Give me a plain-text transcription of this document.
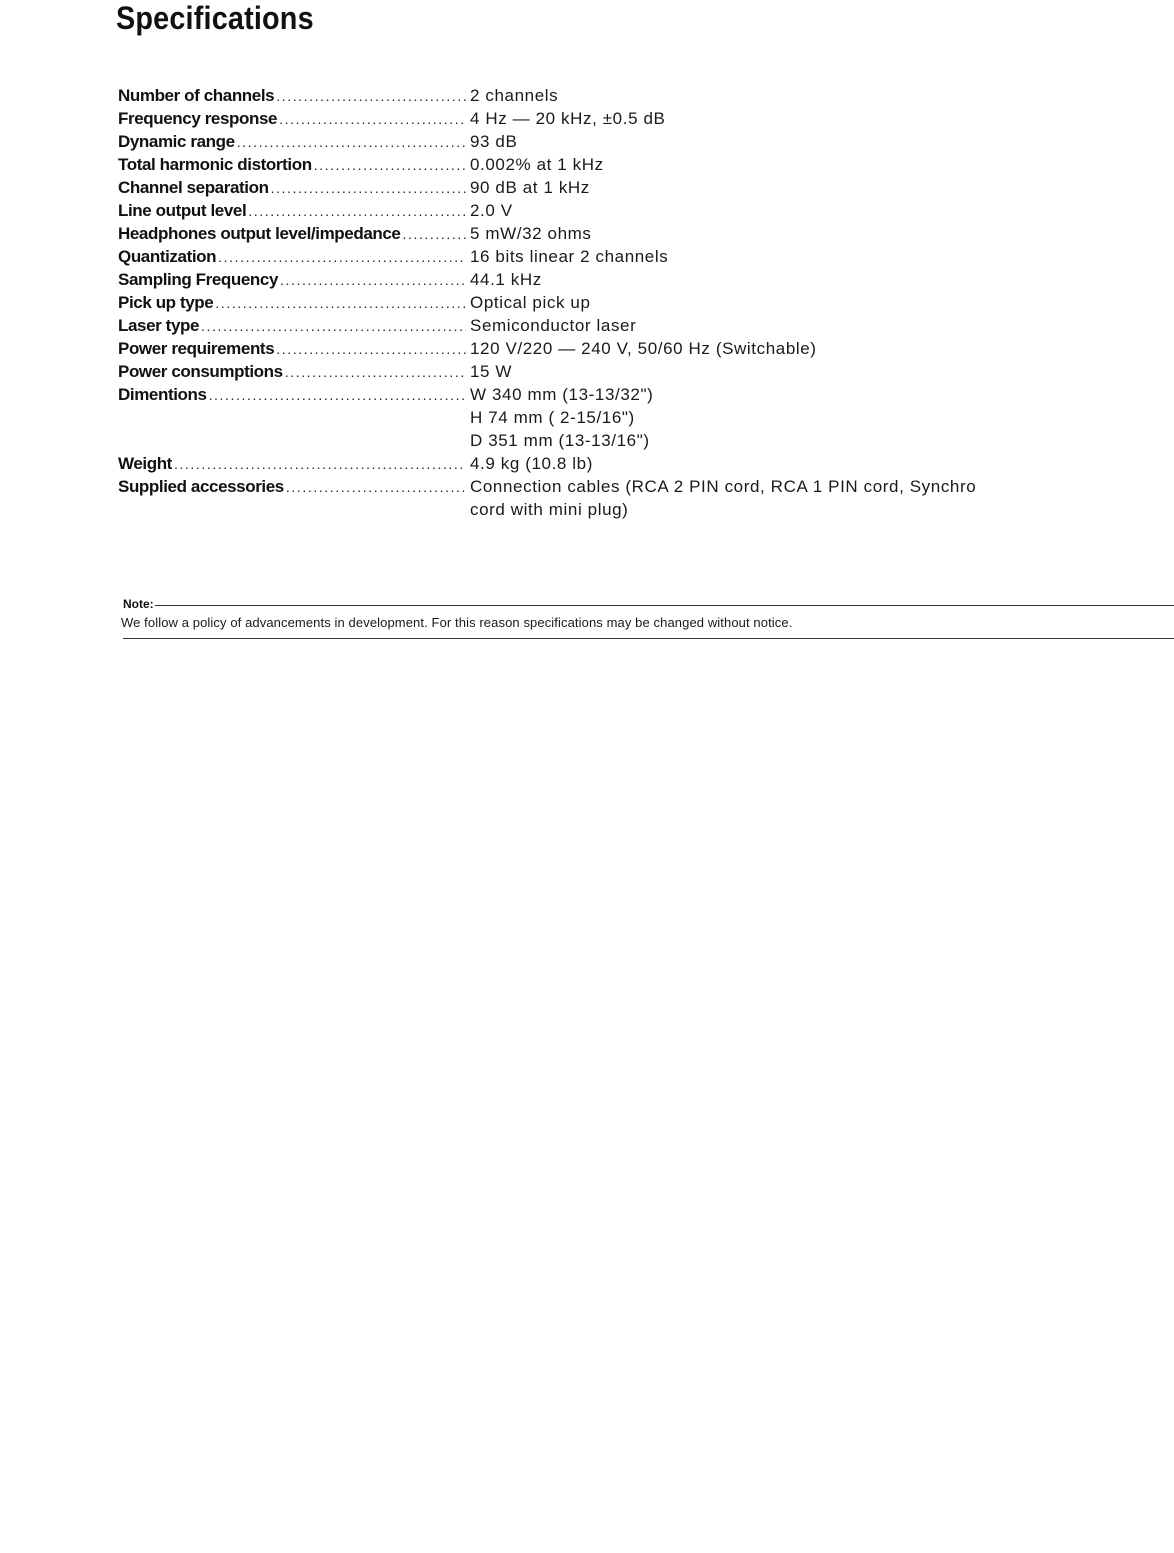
Specifications
Number of channels .....	2 channels
Frequency response .....	4 Hz — 20 kHz, ±0.5 dB
Dynamic range .....	93 dB
Total harmonic distortion .....	0.002% at 1 kHz
Channel separation .....	90 dB at 1 kHz
Line output level .....	2.0 V
Headphones output level/impedance .....	5 mW/32 ohms
Quantization .....	16 bits linear 2 channels
Sampling Frequency .....	44.1 kHz
Pick up type .....	Optical pick up
Laser type .....	Semiconductor laser
Power requirements .....	120 V/220 — 240 V, 50/60 Hz (Switchable)
Power consumptions .....	15 W
Dimentions .....	W 340 mm (13-13/32")
H 74 mm ( 2-15/16")
D 351 mm (13-13/16")
Weight .....	4.9 kg (10.8 lb)
Supplied accessories .....	Connection cables (RCA 2 PIN cord, RCA 1 PIN cord, Synchro
cord with mini plug)
Note:
We follow a policy of advancements in development. For this reason specifications may be changed without notice.
